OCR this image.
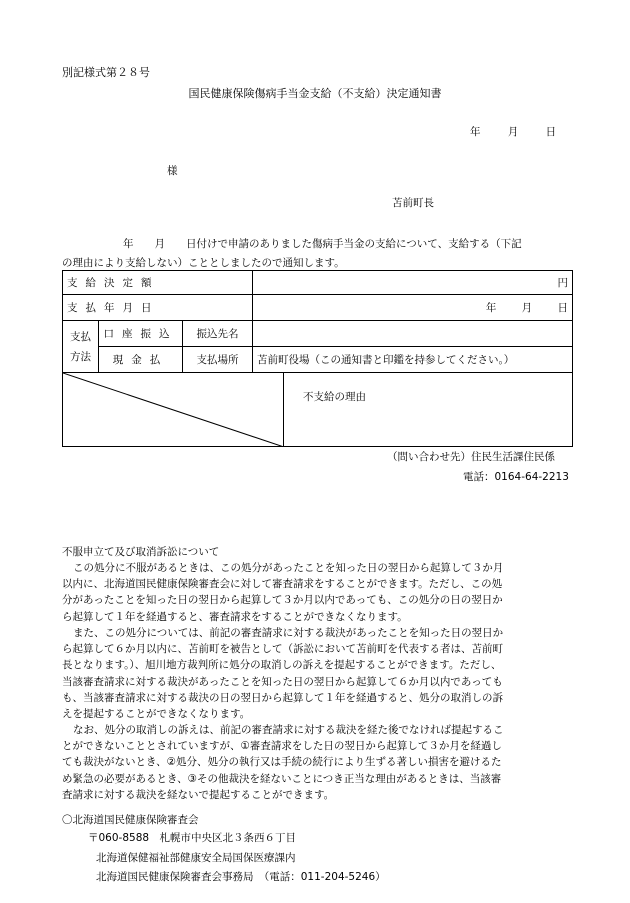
別記様式第２８号
国民健康保険傷病手当金支給（不支給）決定通知書
年 月 日
様
苫前町長
年　　月　　日付けで申請のありました傷病手当金の支給について、支給する（下記
の理由により支給しない）こととしましたので通知します。
支給決定額			円	
支払年月日			年 月 日	
支払
方法	口座振込	振込先名		
	現金払	支払場所	苫前町役場（この通知書と印鑑を持参してください。）	

不支給の理由
（問い合わせ先）住民生活課住民係
電話：0164-64-2213
不服申立て及び取消訴訟について
この処分に不服があるときは、この処分があったことを知った日の翌日から起算して３か月
以内に、北海道国民健康保険審査会に対して審査請求をすることができます。ただし、この処
分があったことを知った日の翌日から起算して３か月以内であっても、この処分の日の翌日か
ら起算して１年を経過すると、審査請求をすることができなくなります。
また、この処分については、前記の審査請求に対する裁決があったことを知った日の翌日か
ら起算して６か月以内に、苫前町を被告として（訴訟において苫前町を代表する者は、苫前町
長となります。）、旭川地方裁判所に処分の取消しの訴えを提起することができます。ただし、
当該審査請求に対する裁決があったことを知った日の翌日から起算して６か月以内であっても
も、当該審査請求に対する裁決の日の翌日から起算して１年を経過すると、処分の取消しの訴
えを提起することができなくなります。
なお、処分の取消しの訴えは、前記の審査請求に対する裁決を経た後でなければ提起するこ
とができないこととされていますが、①審査請求をした日の翌日から起算して３か月を経過し
ても裁決がないとき、②処分、処分の執行又は手続の続行により生ずる著しい損害を避けるた
め緊急の必要があるとき、③その他裁決を経ないことにつき正当な理由があるときは、当該審
査請求に対する裁決を経ないで提起することができます。
〇北海道国民健康保険審査会
〒060-8588　札幌市中央区北３条西６丁目
北海道保健福祉部健康安全局国保医療課内
北海道国民健康保険審査会事務局　（電話：011-204-5246）
